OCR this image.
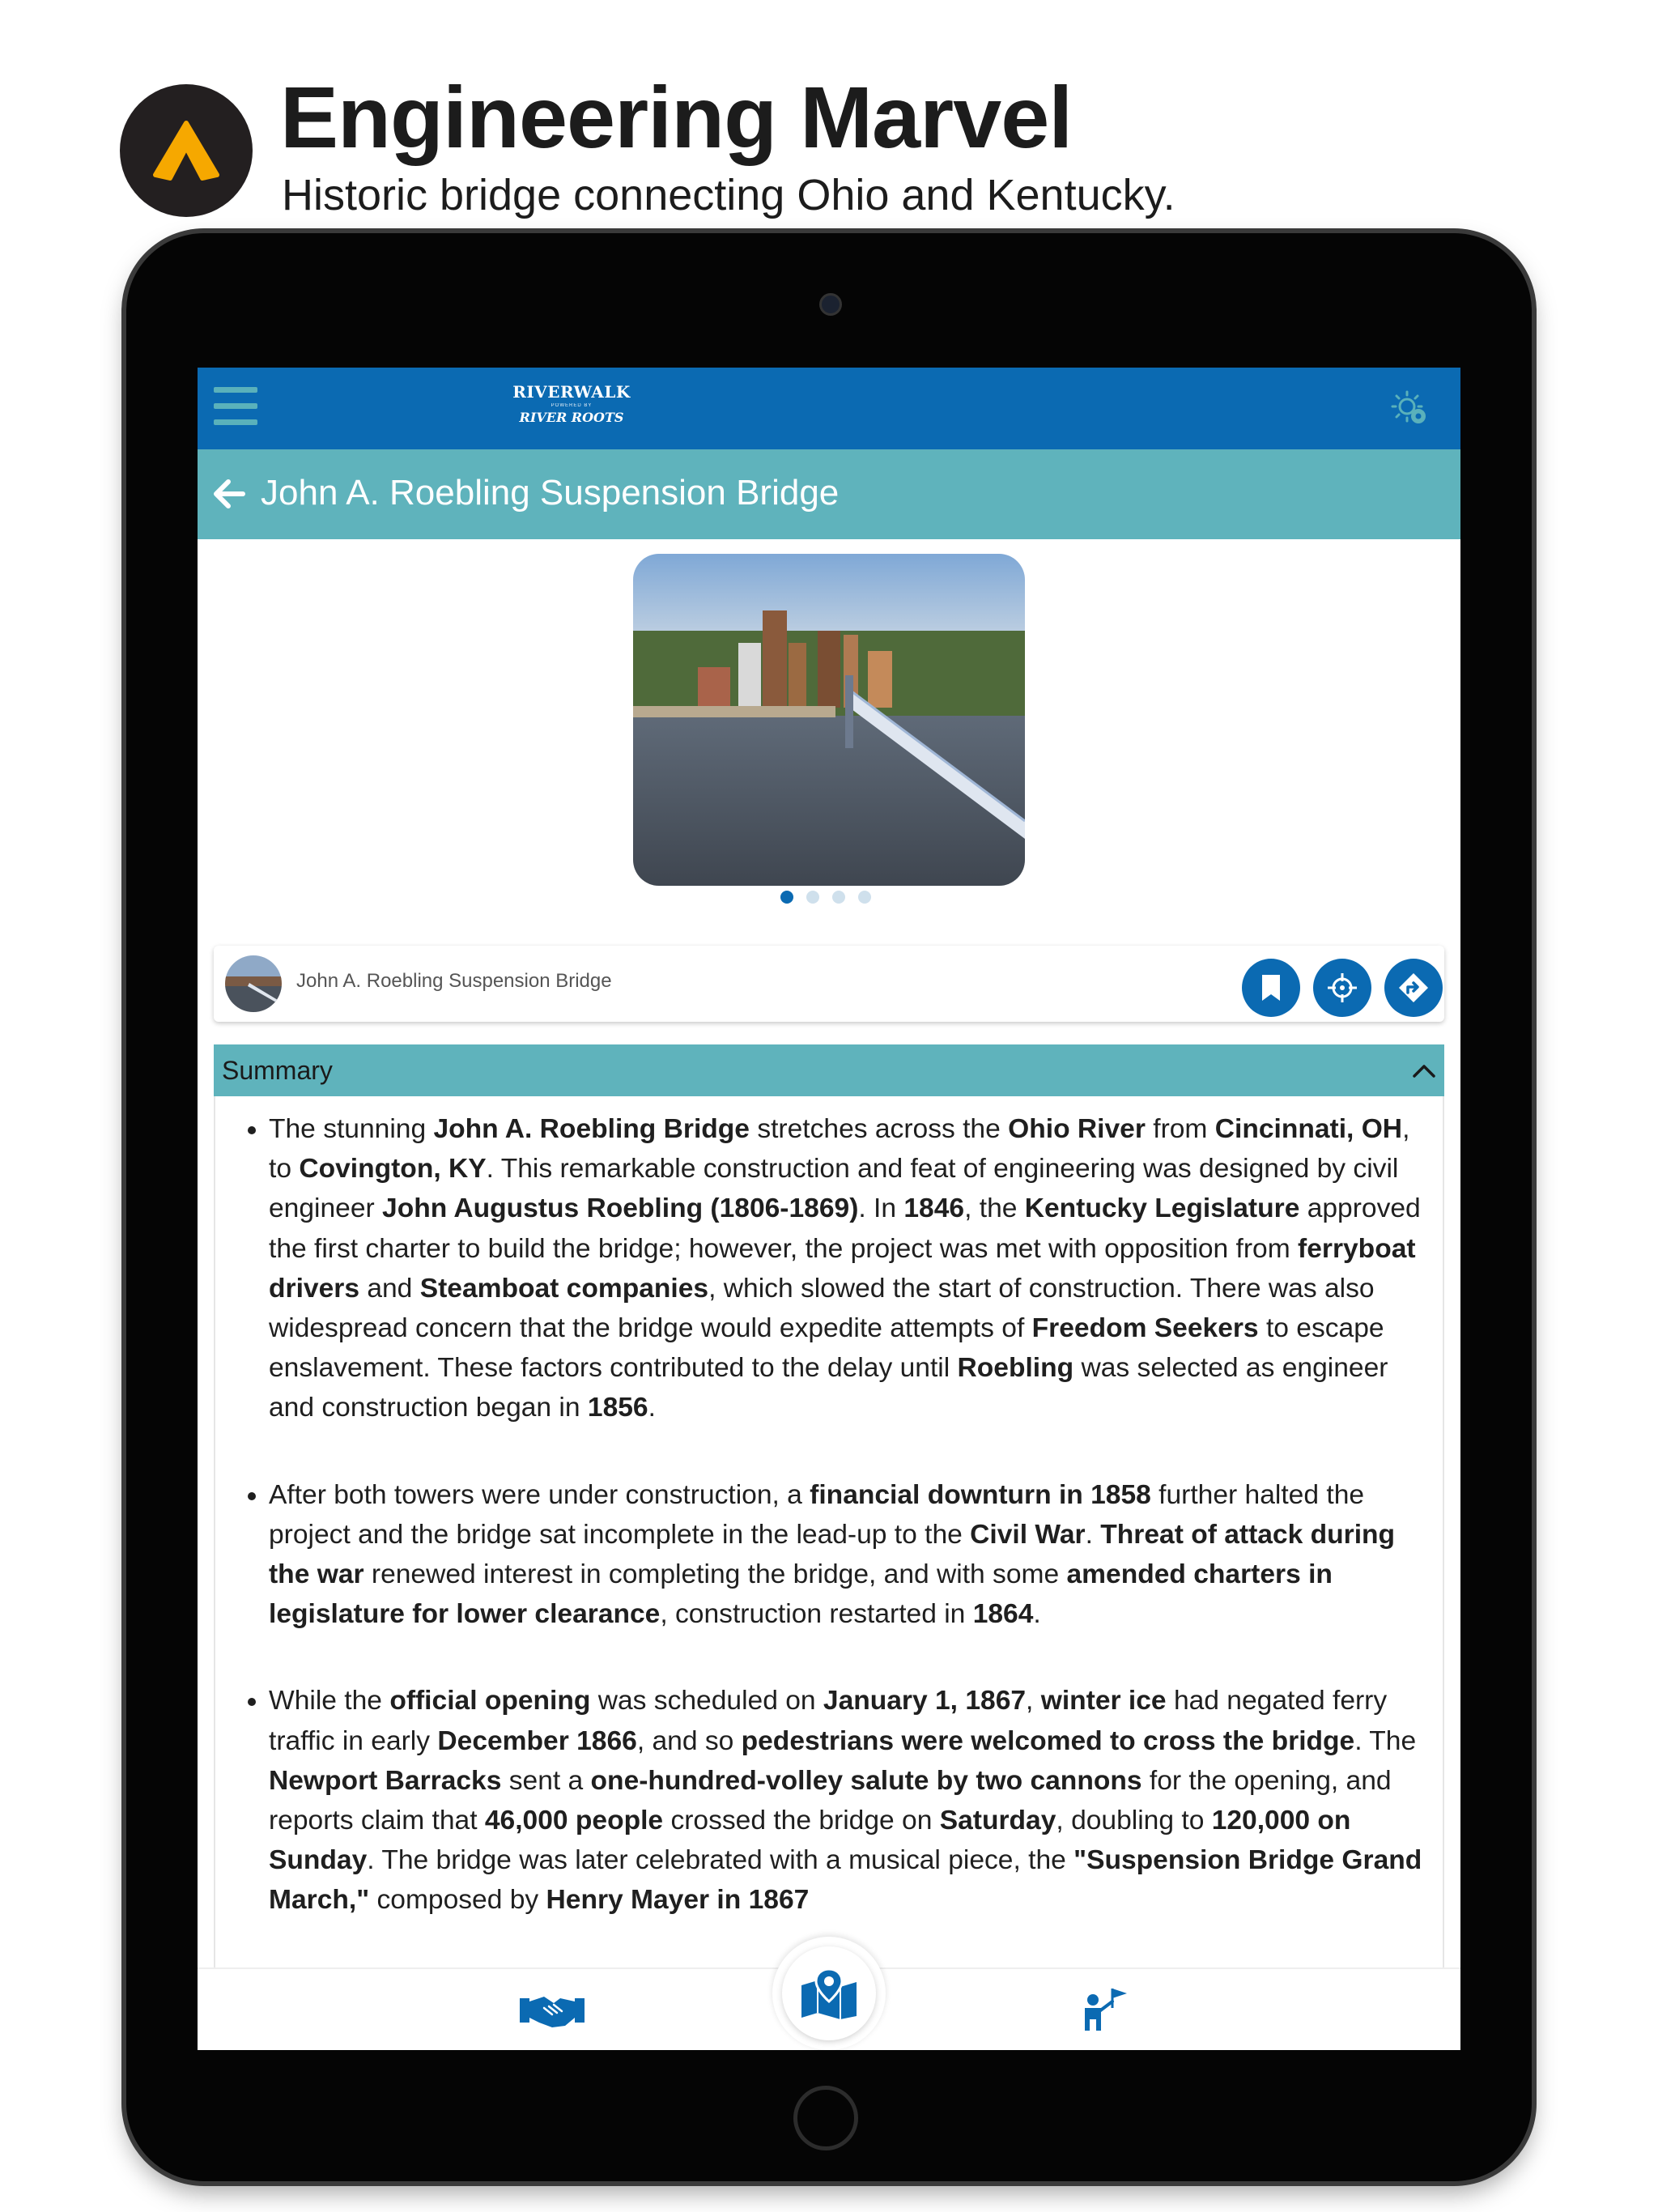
Engineering Marvel
Historic bridge connecting Ohio and Kentucky.
RIVERWALK
POWERED BY
RIVER ROOTS
John A. Roebling Suspension Bridge
John A. Roebling Suspension Bridge
Summary
• The stunning John A. Roebling Bridge stretches across the Ohio River from Cincinnati, OH, to Covington, KY. This remarkable construction and feat of engineering was designed by civil engineer John Augustus Roebling (1806-1869). In 1846, the Kentucky Legislature approved the first charter to build the bridge; however, the project was met with opposition from ferryboat drivers and Steamboat companies, which slowed the start of construction. There was also widespread concern that the bridge would expedite attempts of Freedom Seekers to escape enslavement. These factors contributed to the delay until Roebling was selected as engineer and construction began in 1856.
• After both towers were under construction, a financial downturn in 1858 further halted the project and the bridge sat incomplete in the lead-up to the Civil War. Threat of attack during the war renewed interest in completing the bridge, and with some amended charters in legislature for lower clearance, construction restarted in 1864.
• While the official opening was scheduled on January 1, 1867, winter ice had negated ferry traffic in early December 1866, and so pedestrians were welcomed to cross the bridge. The Newport Barracks sent a one-hundred-volley salute by two cannons for the opening, and reports claim that 46,000 people crossed the bridge on Saturday, doubling to 120,000 on Sunday. The bridge was later celebrated with a musical piece, the "Suspension Bridge Grand March," composed by Henry Mayer in 1867
